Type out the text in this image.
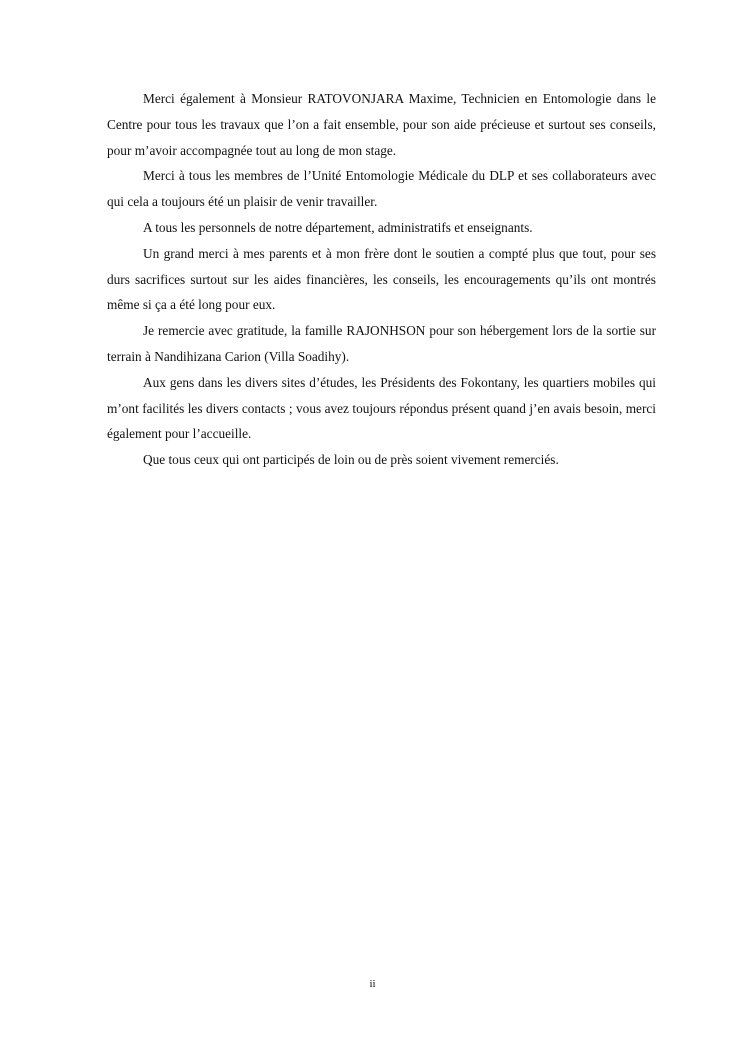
Merci également à Monsieur RATOVONJARA Maxime, Technicien en Entomologie dans le Centre pour tous les travaux que l’on a fait ensemble, pour son aide précieuse et surtout ses conseils, pour m’avoir accompagnée tout au long de mon stage.

Merci à tous les membres de l’Unité Entomologie Médicale du DLP et ses collaborateurs avec qui cela a toujours été un plaisir de venir travailler.

A tous les personnels de notre département, administratifs et enseignants.

Un grand merci à mes parents et à mon frère dont le soutien a compté plus que tout, pour ses durs sacrifices surtout sur les aides financières, les conseils, les encouragements qu’ils ont montrés même si ça a été long pour eux.

Je remercie avec gratitude, la famille RAJONHSON pour son hébergement lors de la sortie sur terrain à Nandihizana Carion (Villa Soadihy).

Aux gens dans les divers sites d’études, les Présidents des Fokontany, les quartiers mobiles qui m’ont facilités les divers contacts ; vous avez toujours répondus présent quand j’en avais besoin, merci également pour l’accueille.

Que tous ceux qui ont participés de loin ou de près soient vivement remerciés.

ii
